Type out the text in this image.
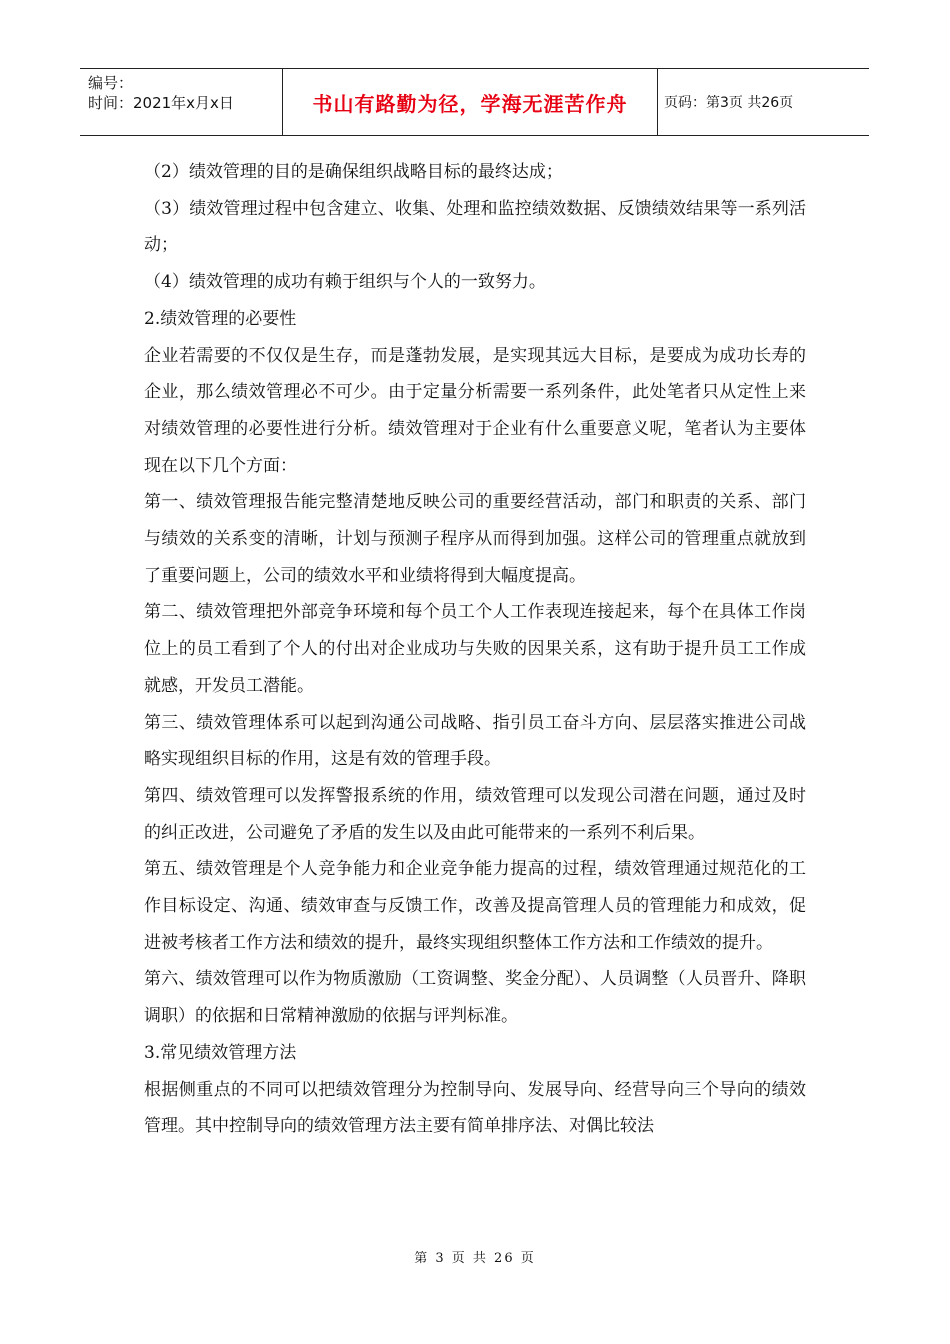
编号：
时间：2021年x月x日	书山有路勤为径，学海无涯苦作舟	页码：第3页 共26页

（2）绩效管理的目的是确保组织战略目标的最终达成；

（3）绩效管理过程中包含建立、收集、处理和监控绩效数据、反馈绩效结果等一系列活动；

（4）绩效管理的成功有赖于组织与个人的一致努力。

2.绩效管理的必要性

企业若需要的不仅仅是生存，而是蓬勃发展，是实现其远大目标，是要成为成功长寿的企业，那么绩效管理必不可少。由于定量分析需要一系列条件，此处笔者只从定性上来对绩效管理的必要性进行分析。绩效管理对于企业有什么重要意义呢，笔者认为主要体现在以下几个方面：

第一、绩效管理报告能完整清楚地反映公司的重要经营活动，部门和职责的关系、部门与绩效的关系变的清晰，计划与预测子程序从而得到加强。这样公司的管理重点就放到了重要问题上，公司的绩效水平和业绩将得到大幅度提高。

第二、绩效管理把外部竞争环境和每个员工个人工作表现连接起来，每个在具体工作岗位上的员工看到了个人的付出对企业成功与失败的因果关系，这有助于提升员工工作成就感，开发员工潜能。

第三、绩效管理体系可以起到沟通公司战略、指引员工奋斗方向、层层落实推进公司战略实现组织目标的作用，这是有效的管理手段。

第四、绩效管理可以发挥警报系统的作用，绩效管理可以发现公司潜在问题，通过及时的纠正改进，公司避免了矛盾的发生以及由此可能带来的一系列不利后果。

第五、绩效管理是个人竞争能力和企业竞争能力提高的过程，绩效管理通过规范化的工作目标设定、沟通、绩效审查与反馈工作，改善及提高管理人员的管理能力和成效，促进被考核者工作方法和绩效的提升，最终实现组织整体工作方法和工作绩效的提升。

第六、绩效管理可以作为物质激励（工资调整、奖金分配）、人员调整（人员晋升、降职调职）的依据和日常精神激励的依据与评判标准。

3.常见绩效管理方法

根据侧重点的不同可以把绩效管理分为控制导向、发展导向、经营导向三个导向的绩效管理。其中控制导向的绩效管理方法主要有简单排序法、对偶比较法

第 3 页 共 26 页
